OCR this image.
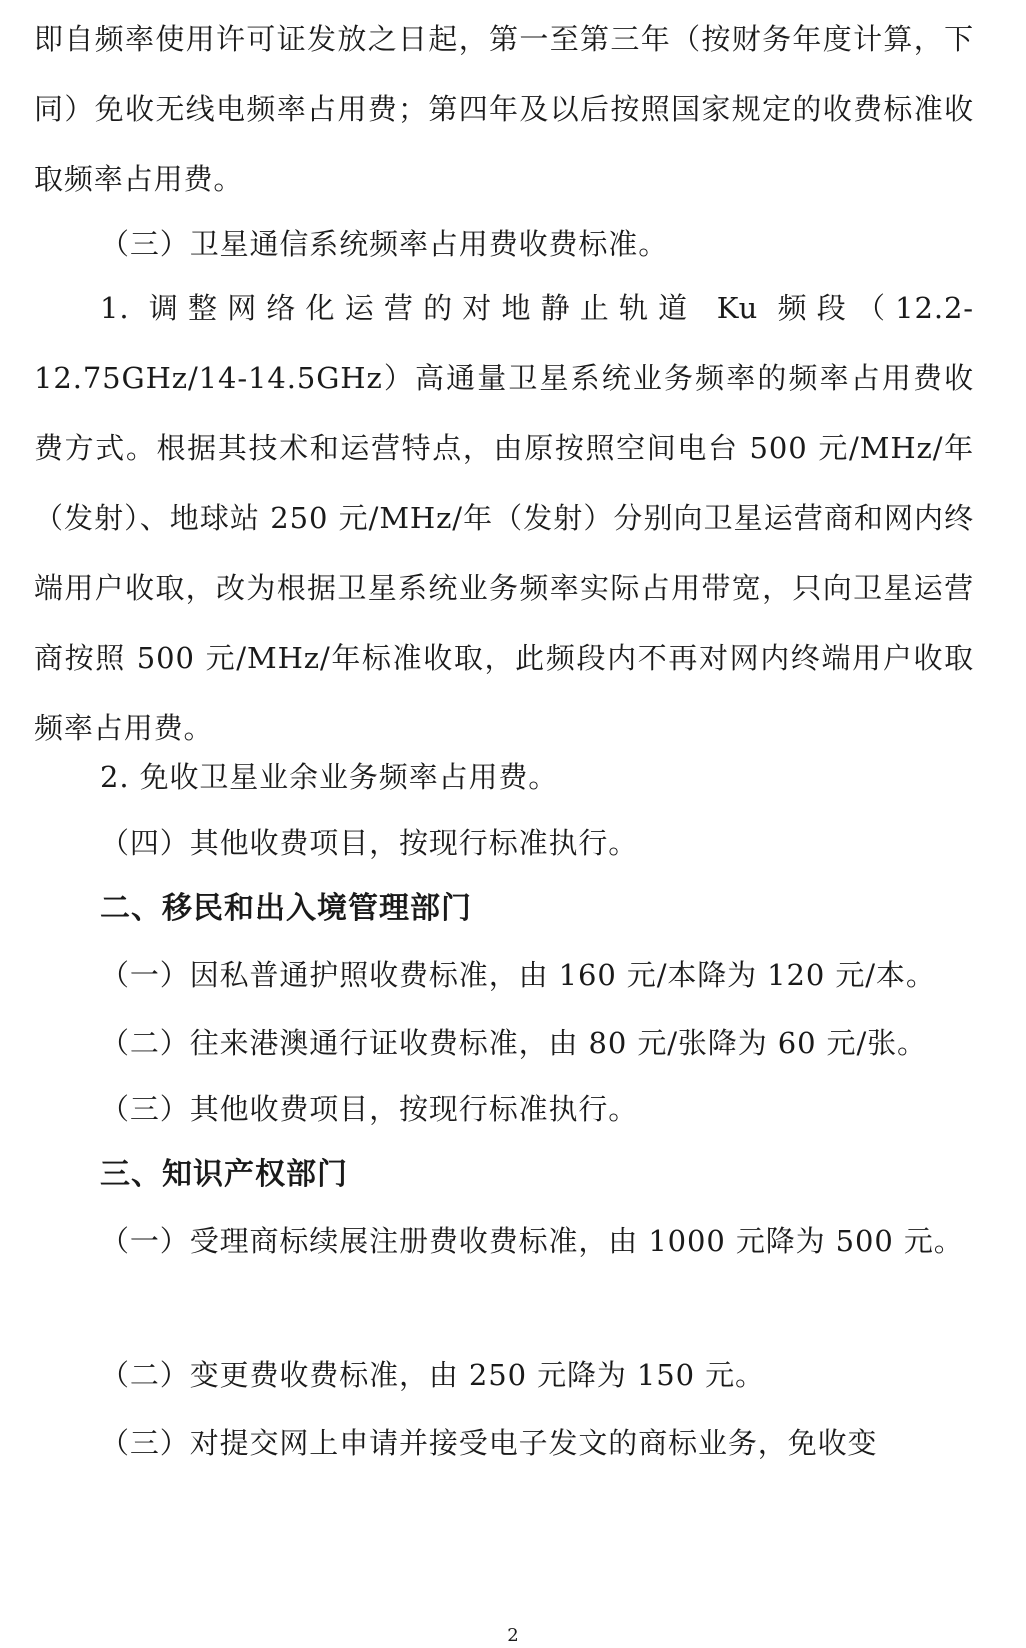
即自频率使用许可证发放之日起，第一至第三年（按财务年度计算，下同）免收无线电频率占用费；第四年及以后按照国家规定的收费标准收取频率占用费。

（三）卫星通信系统频率占用费收费标准。

1. 调整网络化运营的对地静止轨道 Ku 频段（12.2-12.75GHz/14-14.5GHz）高通量卫星系统业务频率的频率占用费收费方式。根据其技术和运营特点，由原按照空间电台 500 元/MHz/年（发射）、地球站 250 元/MHz/年（发射）分别向卫星运营商和网内终端用户收取，改为根据卫星系统业务频率实际占用带宽，只向卫星运营商按照 500 元/MHz/年标准收取，此频段内不再对网内终端用户收取频率占用费。

2. 免收卫星业余业务频率占用费。

（四）其他收费项目，按现行标准执行。

二、移民和出入境管理部门

（一）因私普通护照收费标准，由 160 元/本降为 120 元/本。

（二）往来港澳通行证收费标准，由 80 元/张降为 60 元/张。

（三）其他收费项目，按现行标准执行。

三、知识产权部门

（一）受理商标续展注册费收费标准，由 1000 元降为 500 元。

（二）变更费收费标准，由 250 元降为 150 元。

（三）对提交网上申请并接受电子发文的商标业务，免收变

2
